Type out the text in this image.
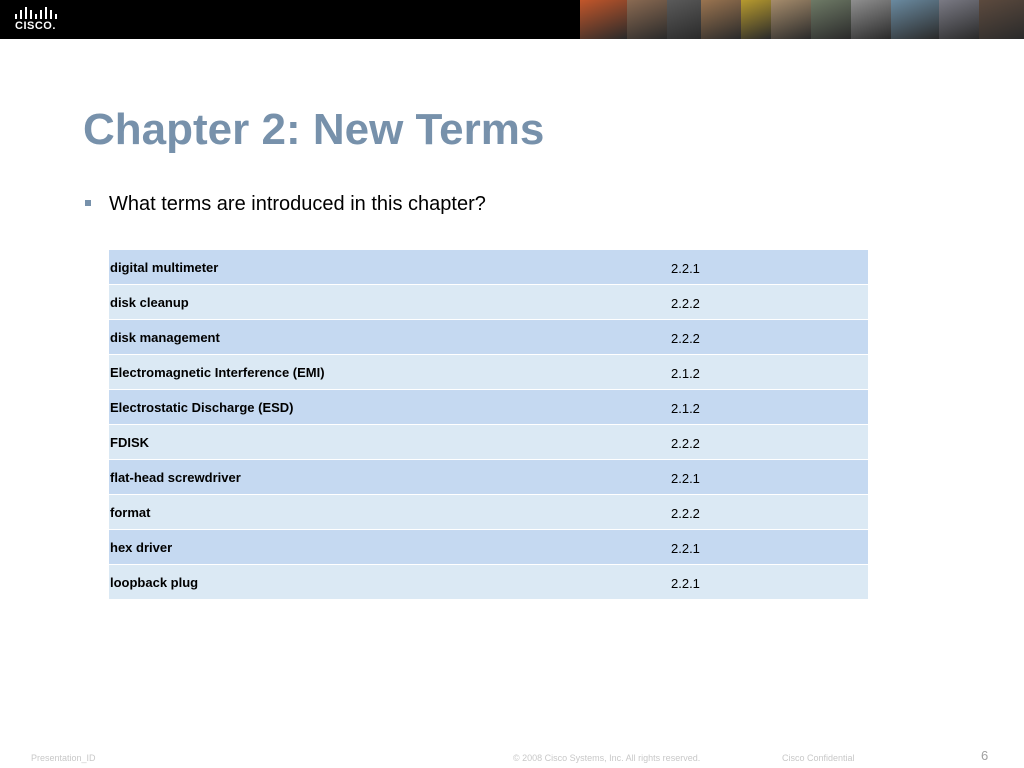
CISCO.
Chapter 2: New Terms
What terms are introduced in this chapter?
digital multimeter	2.2.1
disk cleanup	2.2.2
disk management	2.2.2
Electromagnetic Interference (EMI)	2.1.2
Electrostatic Discharge (ESD)	2.1.2
FDISK	2.2.2
flat-head screwdriver	2.2.1
format	2.2.2
hex driver	2.2.1
loopback plug	2.2.1
Presentation_ID	© 2008 Cisco Systems, Inc. All rights reserved.	Cisco Confidential	6
